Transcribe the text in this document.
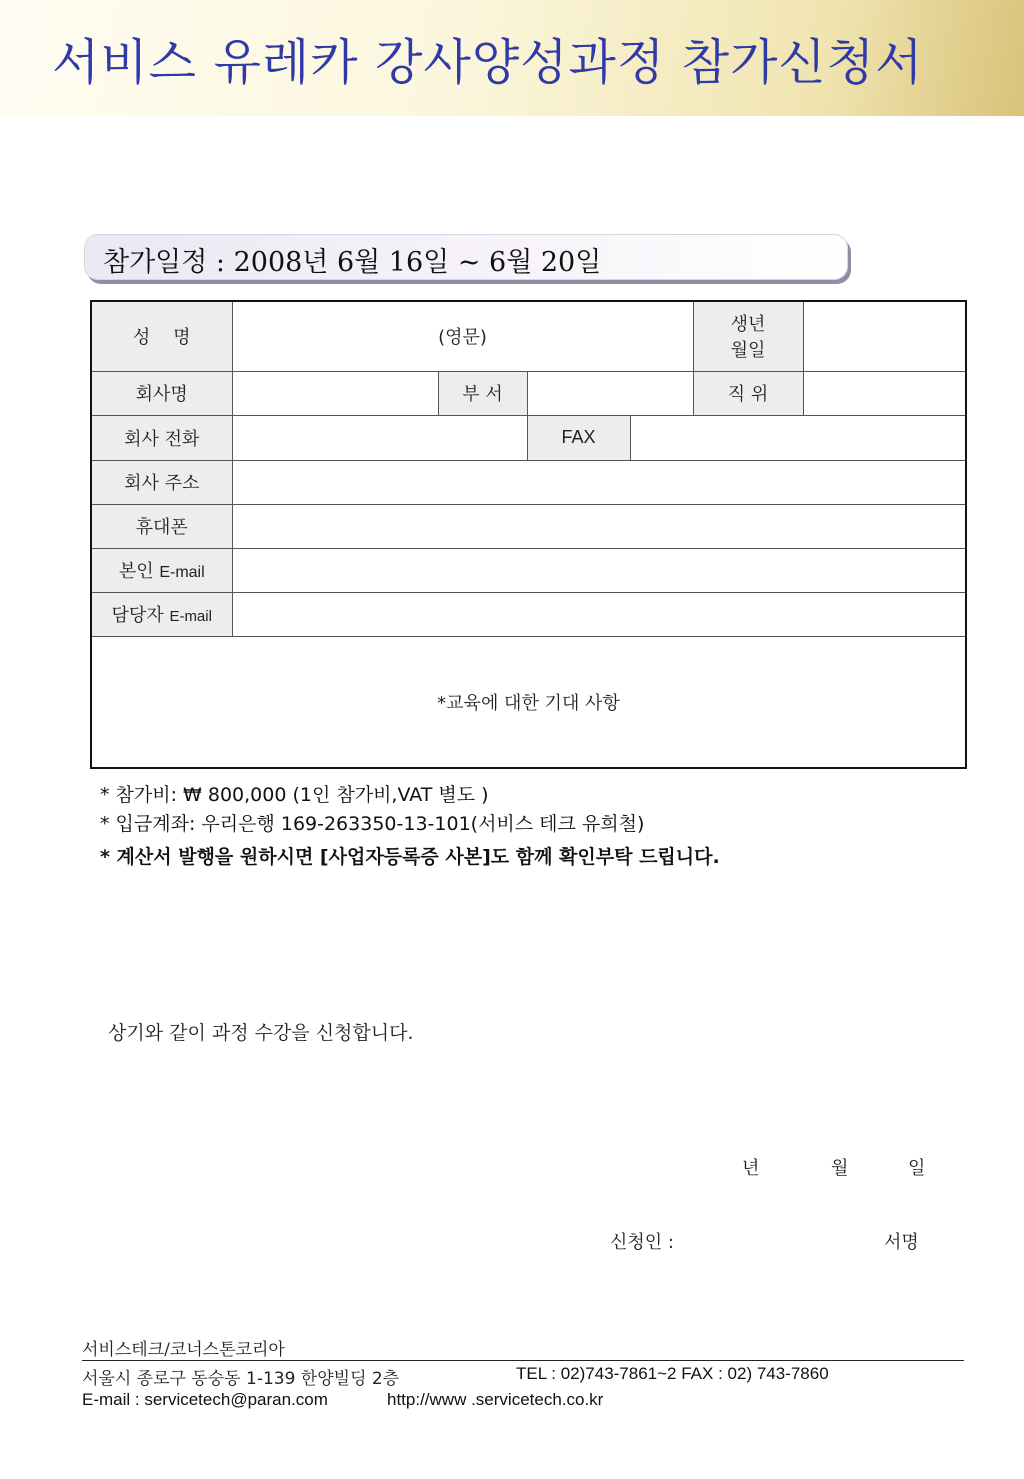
서비스 유레카 강사양성과정 참가신청서
참가일정 : 2008년 6월 16일 ~ 6월 20일
성    명	(영문)				생년
월일	
회사명		부 서			직 위	
회사 전화			FAX			
회사 주소						
휴대폰						
본인 E-mail						
담당자 E-mail						
*교육에 대한 기대 사항						
* 참가비: ₩ 800,000 (1인 참가비,VAT 별도 )
* 입금계좌: 우리은행 169-263350-13-101(서비스 테크 유희철)
* 계산서 발행을 원하시면 [사업자등록증 사본]도 함께 확인부탁 드립니다.
상기와 같이 과정 수강을 신청합니다.
년	월	일
신청인 :	서명
서비스테크/코너스톤코리아
서울시 종로구 동숭동 1-139 한양빌딩 2층	TEL : 02)743-7861~2 FAX : 02) 743-7860
E-mail : servicetech@paran.com	http://www .servicetech.co.kr
